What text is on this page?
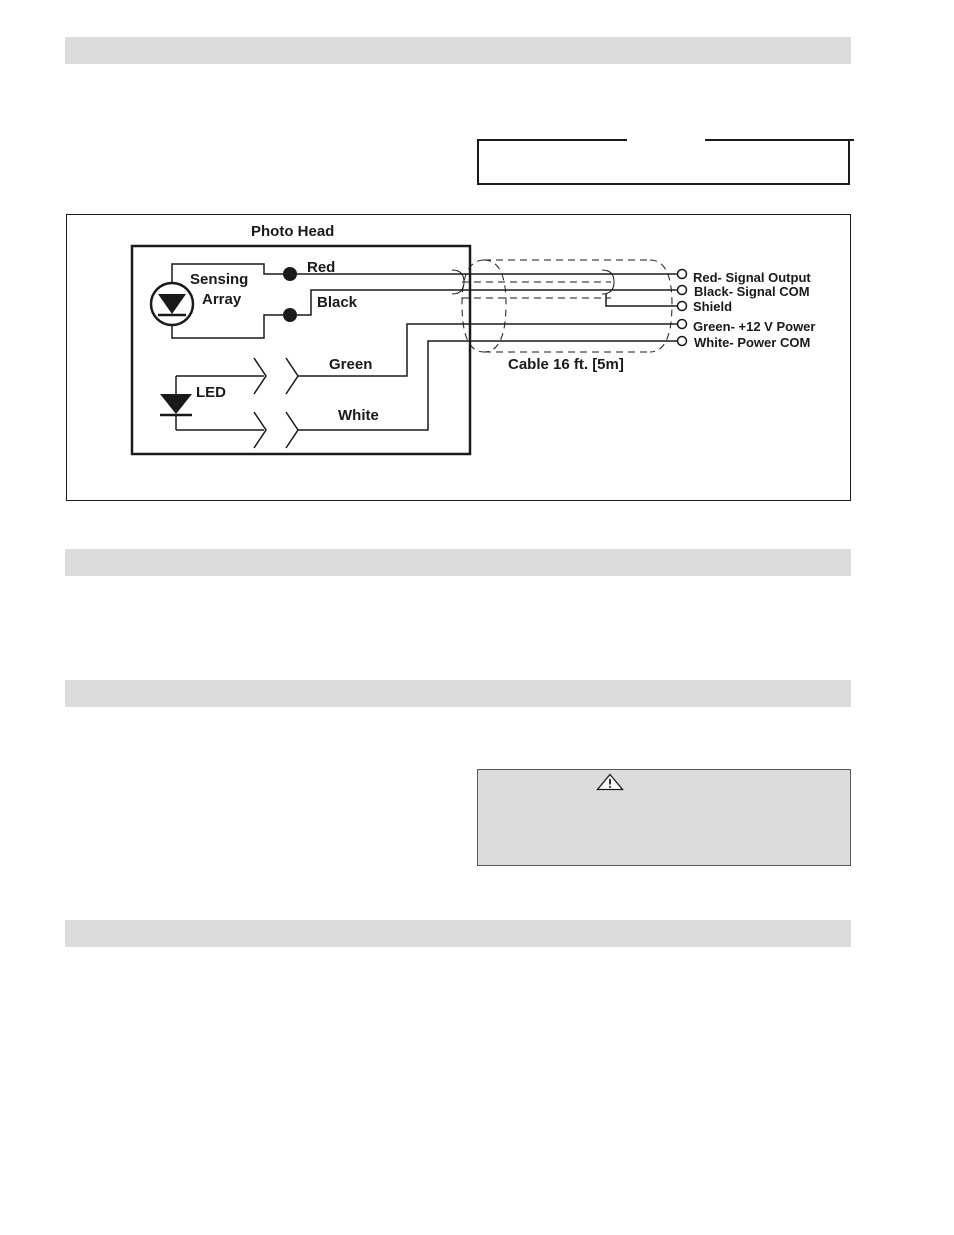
Photo Head
Sensing
Array
Red
Black
LED
Green
White
Cable 16 ft. [5m]
Red- Signal Output
Black- Signal COM
Shield
Green- +12 V Power
White- Power COM
